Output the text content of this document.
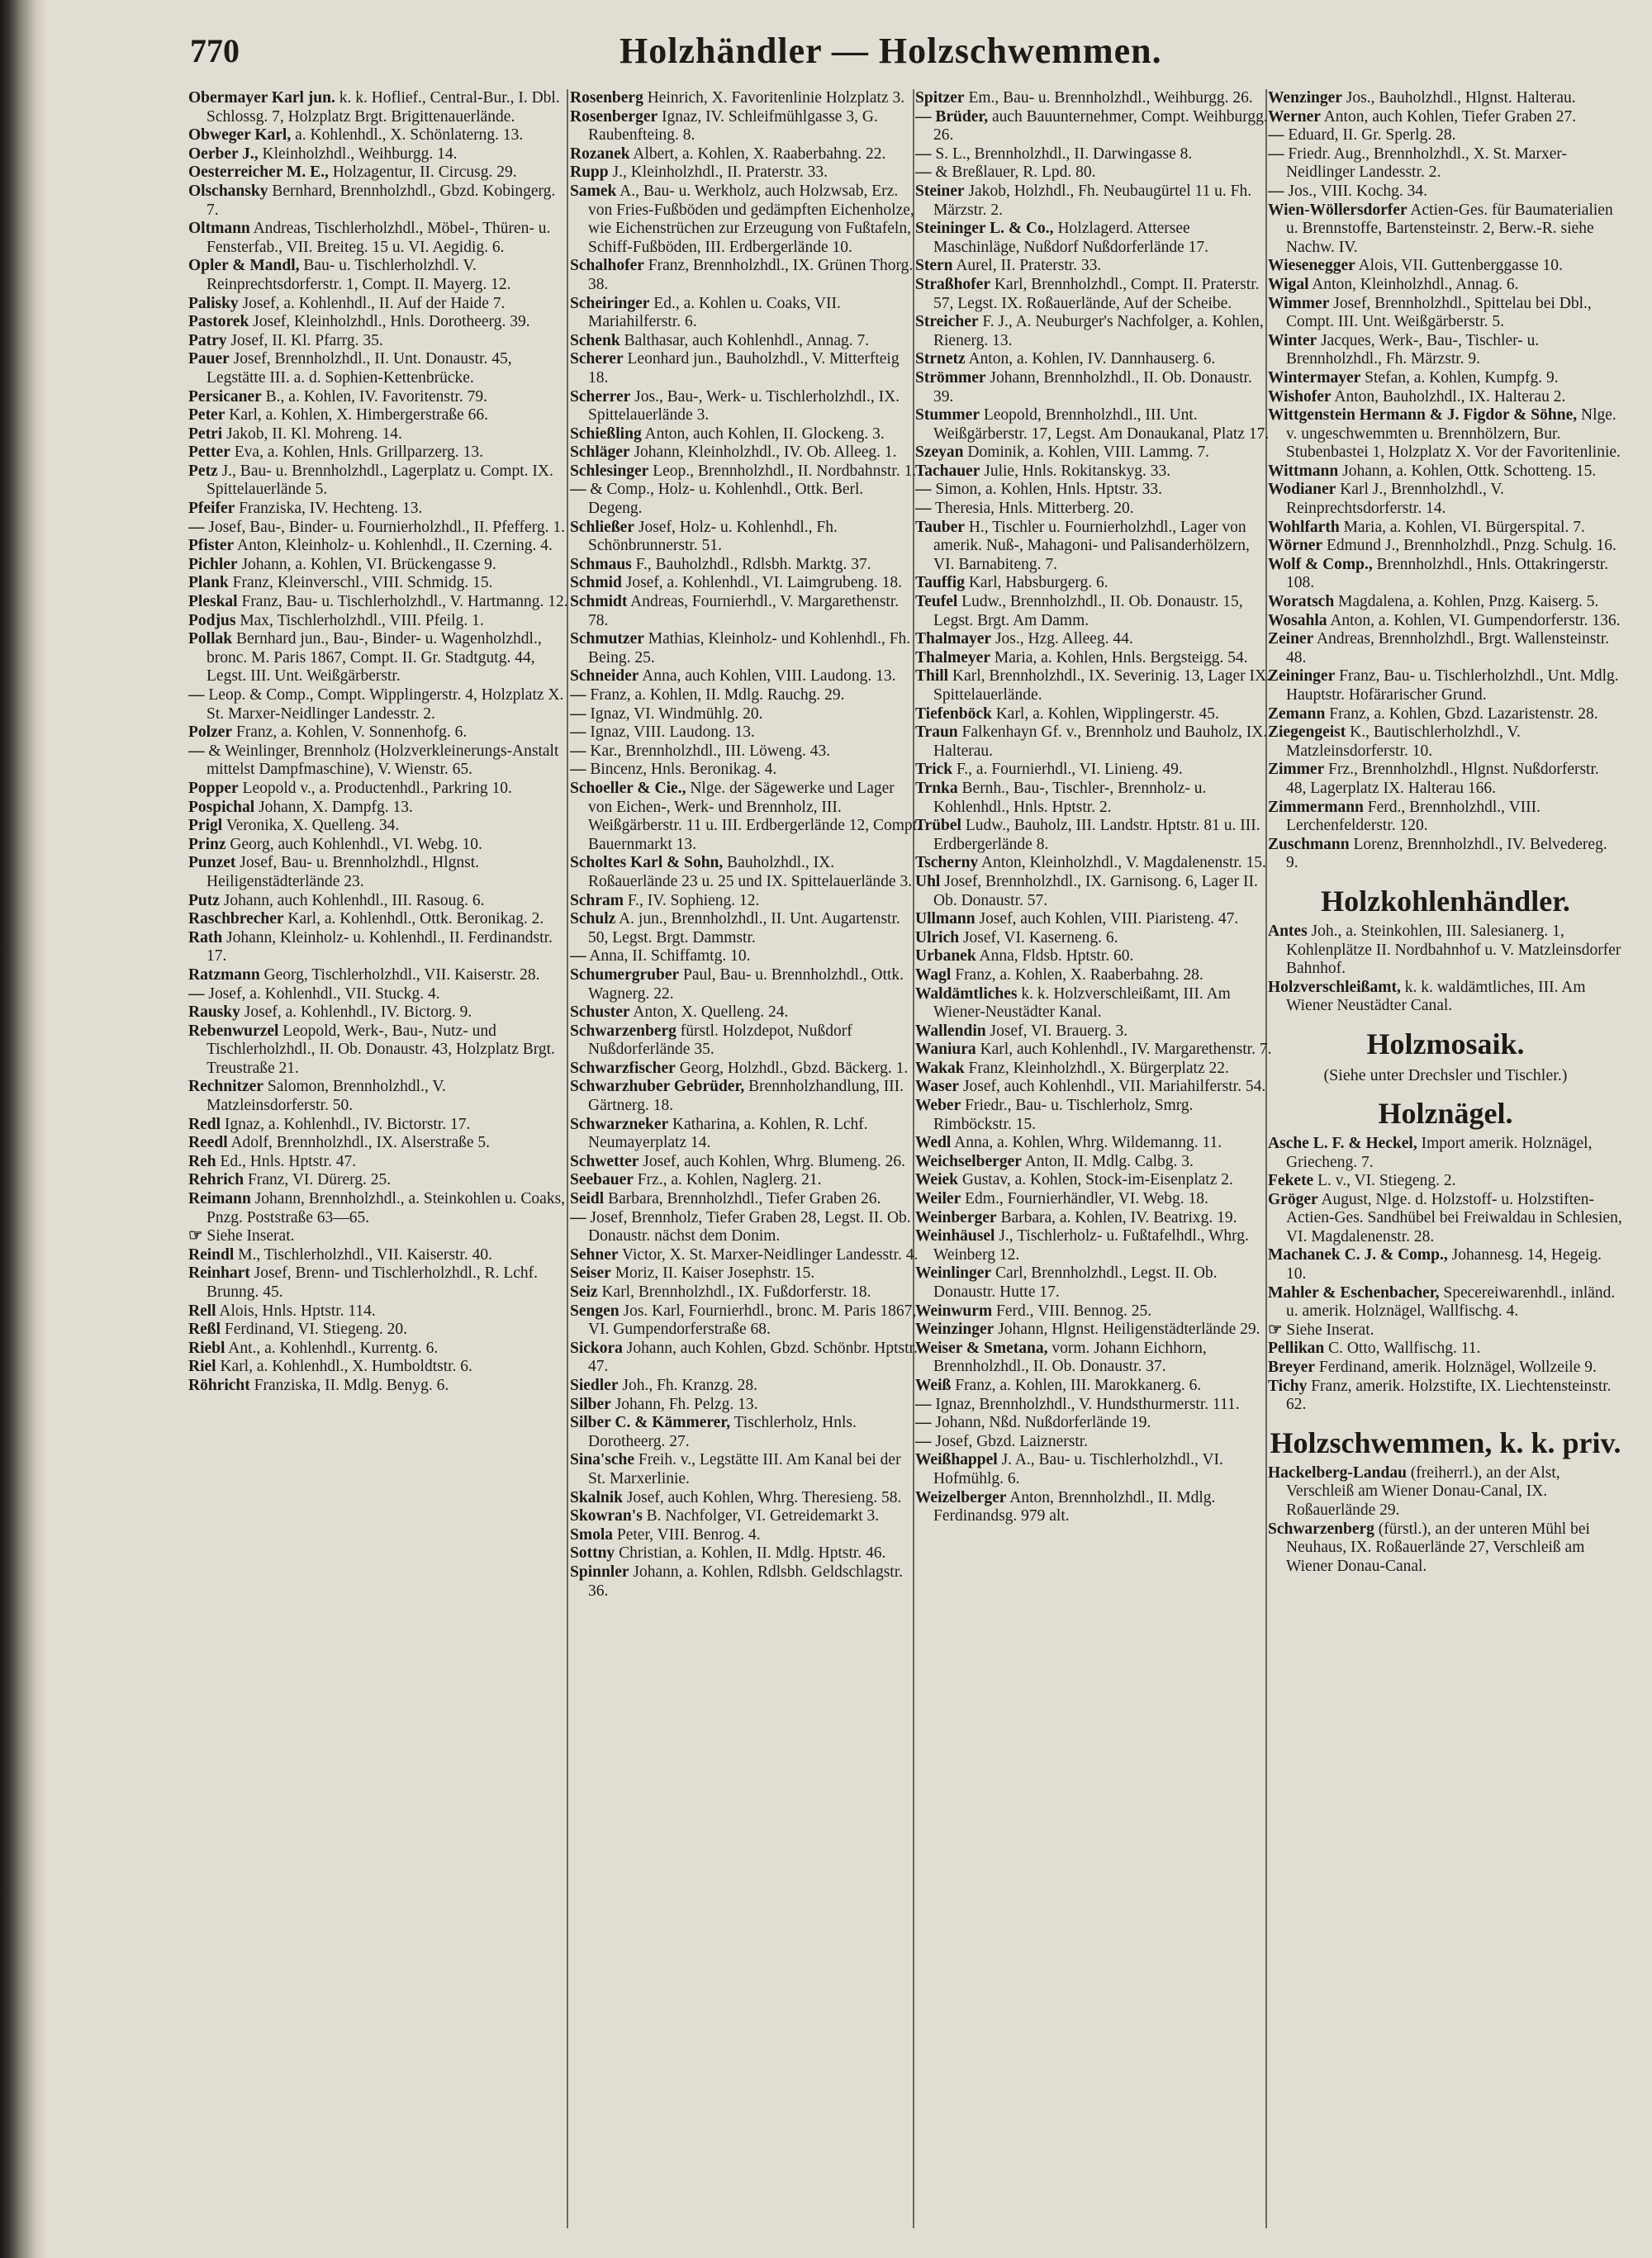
770	Holzhändler — Holzschwemmen.
Obermayer Karl jun. k. k. Hoflief., Central-Bur., I. Dbl. Schlossg. 7, Holzplatz Brgt. Brigittenauerlände.
Obweger Karl, a. Kohlenhdl., X. Schönlaterng. 13.
Oerber J., Kleinholzhdl., Weihburgg. 14.
Oesterreicher M. E., Holzagentur, II. Circusg. 29.
Olschansky Bernhard, Brennholzhdl., Gbzd. Kobingerg. 7.
Oltmann Andreas, Tischlerholzhdl., Möbel-, Thüren- u. Fensterfab., VII. Breiteg. 15 u. VI. Aegidig. 6.
Opler & Mandl, Bau- u. Tischlerholzhdl. V. Reinprechtsdorferstr. 1, Compt. II. Mayerg. 12.
Palisky Josef, a. Kohlenhdl., II. Auf der Haide 7.
Pastorek Josef, Kleinholzhdl., Hnls. Dorotheerg. 39.
Patry Josef, II. Kl. Pfarrg. 35.
Pauer Josef, Brennholzhdl., II. Unt. Donaustr. 45, Legstätte III. a. d. Sophien-Kettenbrücke.
Persicaner B., a. Kohlen, IV. Favoritenstr. 79.
Peter Karl, a. Kohlen, X. Himbergerstraße 66.
Petri Jakob, II. Kl. Mohreng. 14.
Petter Eva, a. Kohlen, Hnls. Grillparzerg. 13.
Petz J., Bau- u. Brennholzhdl., Lagerplatz u. Compt. IX. Spittelauerlände 5.
Pfeifer Franziska, IV. Hechteng. 13.
— Josef, Bau-, Binder- u. Fournierholzhdl., II. Pfefferg. 1.
Pfister Anton, Kleinholz- u. Kohlenhdl., II. Czerning. 4.
Pichler Johann, a. Kohlen, VI. Brückengasse 9.
Plank Franz, Kleinverschl., VIII. Schmidg. 15.
Pleskal Franz, Bau- u. Tischlerholzhdl., V. Hartmanng. 12.
Podjus Max, Tischlerholzhdl., VIII. Pfeilg. 1.
Pollak Bernhard jun., Bau-, Binder- u. Wagenholzhdl., bronc. M. Paris 1867, Compt. II. Gr. Stadtgutg. 44, Legst. III. Unt. Weißgärberstr.
— Leop. & Comp., Compt. Wipplingerstr. 4, Holzplatz X. St. Marxer-Neidlinger Landesstr. 2.
Polzer Franz, a. Kohlen, V. Sonnenhofg. 6.
— & Weinlinger, Brennholz (Holzverkleinerungs-Anstalt mittelst Dampfmaschine), V. Wienstr. 65.
Popper Leopold v., a. Productenhdl., Parkring 10.
Pospichal Johann, X. Dampfg. 13.
Prigl Veronika, X. Quelleng. 34.
Prinz Georg, auch Kohlenhdl., VI. Webg. 10.
Punzet Josef, Bau- u. Brennholzhdl., Hlgnst. Heiligenstädterlände 23.
Putz Johann, auch Kohlenhdl., III. Rasoug. 6.
Raschbrecher Karl, a. Kohlenhdl., Ottk. Beronikag. 2.
Rath Johann, Kleinholz- u. Kohlenhdl., II. Ferdinandstr. 17.
Ratzmann Georg, Tischlerholzhdl., VII. Kaiserstr. 28.
— Josef, a. Kohlenhdl., VII. Stuckg. 4.
Rausky Josef, a. Kohlenhdl., IV. Bictorg. 9.
Rebenwurzel Leopold, Werk-, Bau-, Nutz- und Tischlerholzhdl., II. Ob. Donaustr. 43, Holzplatz Brgt. Treustraße 21.
Rechnitzer Salomon, Brennholzhdl., V. Matzleinsdorferstr. 50.
Redl Ignaz, a. Kohlenhdl., IV. Bictorstr. 17.
Reedl Adolf, Brennholzhdl., IX. Alserstraße 5.
Reh Ed., Hnls. Hptstr. 47.
Rehrich Franz, VI. Dürerg. 25.
Reimann Johann, Brennholzhdl., a. Steinkohlen u. Coaks, Pnzg. Poststraße 63—65.
☞ Siehe Inserat.
Reindl M., Tischlerholzhdl., VII. Kaiserstr. 40.
Reinhart Josef, Brenn- und Tischlerholzhdl., R. Lchf. Brunng. 45.
Rell Alois, Hnls. Hptstr. 114.
Reßl Ferdinand, VI. Stiegeng. 20.
Riebl Ant., a. Kohlenhdl., Kurrentg. 6.
Riel Karl, a. Kohlenhdl., X. Humboldtstr. 6.
Röhricht Franziska, II. Mdlg. Benyg. 6.
Rosenberg Heinrich, X. Favoritenlinie Holzplatz 3.
Rosenberger Ignaz, IV. Schleifmühlgasse 3, G. Raubenfteing. 8.
Rozanek Albert, a. Kohlen, X. Raaberbahng. 22.
Rupp J., Kleinholzhdl., II. Praterstr. 33.
Samek A., Bau- u. Werkholz, auch Holzwsab, Erz. von Fries-Fußböden und gedämpften Eichenholze, wie Eichenstrüchen zur Erzeugung von Fußtafeln, Schiff-Fußböden, III. Erdbergerlände 10.
Schalhofer Franz, Brennholzhdl., IX. Grünen Thorg. 38.
Scheiringer Ed., a. Kohlen u. Coaks, VII. Mariahilferstr. 6.
Schenk Balthasar, auch Kohlenhdl., Annag. 7.
Scherer Leonhard jun., Bauholzhdl., V. Mitterfteig 18.
Scherrer Jos., Bau-, Werk- u. Tischlerholzhdl., IX. Spittelauerlände 3.
Schießling Anton, auch Kohlen, II. Glockeng. 3.
Schläger Johann, Kleinholzhdl., IV. Ob. Alleeg. 1.
Schlesinger Leop., Brennholzhdl., II. Nordbahnstr. 1.
— & Comp., Holz- u. Kohlenhdl., Ottk. Berl. Degeng.
Schließer Josef, Holz- u. Kohlenhdl., Fh. Schönbrunnerstr. 51.
Schmaus F., Bauholzhdl., Rdlsbh. Marktg. 37.
Schmid Josef, a. Kohlenhdl., VI. Laimgrubeng. 18.
Schmidt Andreas, Fournierhdl., V. Margarethenstr. 78.
Schmutzer Mathias, Kleinholz- und Kohlenhdl., Fh. Being. 25.
Schneider Anna, auch Kohlen, VIII. Laudong. 13.
— Franz, a. Kohlen, II. Mdlg. Rauchg. 29.
— Ignaz, VI. Windmühlg. 20.
— Ignaz, VIII. Laudong. 13.
— Kar., Brennholzhdl., III. Löweng. 43.
— Bincenz, Hnls. Beronikag. 4.
Schoeller & Cie., Nlge. der Sägewerke und Lager von Eichen-, Werk- und Brennholz, III. Weißgärberstr. 11 u. III. Erdbergerlände 12, Compt. Bauernmarkt 13.
Scholtes Karl & Sohn, Bauholzhdl., IX. Roßauerlände 23 u. 25 und IX. Spittelauerlände 3.
Schram F., IV. Sophieng. 12.
Schulz A. jun., Brennholzhdl., II. Unt. Augartenstr. 50, Legst. Brgt. Dammstr.
— Anna, II. Schiffamtg. 10.
Schumergruber Paul, Bau- u. Brennholzhdl., Ottk. Wagnerg. 22.
Schuster Anton, X. Quelleng. 24.
Schwarzenberg fürstl. Holzdepot, Nußdorf Nußdorferlände 35.
Schwarzfischer Georg, Holzhdl., Gbzd. Bäckerg. 1.
Schwarzhuber Gebrüder, Brennholzhandlung, III. Gärtnerg. 18.
Schwarzneker Katharina, a. Kohlen, R. Lchf. Neumayerplatz 14.
Schwetter Josef, auch Kohlen, Whrg. Blumeng. 26.
Seebauer Frz., a. Kohlen, Naglerg. 21.
Seidl Barbara, Brennholzhdl., Tiefer Graben 26.
— Josef, Brennholz, Tiefer Graben 28, Legst. II. Ob. Donaustr. nächst dem Donim.
Sehner Victor, X. St. Marxer-Neidlinger Landesstr. 4.
Seiser Moriz, II. Kaiser Josephstr. 15.
Seiz Karl, Brennholzhdl., IX. Fußdorferstr. 18.
Sengen Jos. Karl, Fournierhdl., bronc. M. Paris 1867, VI. Gumpendorferstraße 68.
Sickora Johann, auch Kohlen, Gbzd. Schönbr. Hptstr. 47.
Siedler Joh., Fh. Kranzg. 28.
Silber Johann, Fh. Pelzg. 13.
Silber C. & Kämmerer, Tischlerholz, Hnls. Dorotheerg. 27.
Sina'sche Freih. v., Legstätte III. Am Kanal bei der St. Marxerlinie.
Skalnik Josef, auch Kohlen, Whrg. Theresieng. 58.
Skowran's B. Nachfolger, VI. Getreidemarkt 3.
Smola Peter, VIII. Benrog. 4.
Sottny Christian, a. Kohlen, II. Mdlg. Hptstr. 46.
Spinnler Johann, a. Kohlen, Rdlsbh. Geldschlagstr. 36.
Spitzer Em., Bau- u. Brennholzhdl., Weihburgg. 26.
— Brüder, auch Bauunternehmer, Compt. Weihburgg. 26.
— S. L., Brennholzhdl., II. Darwingasse 8.
— & Breßlauer, R. Lpd. 80.
Steiner Jakob, Holzhdl., Fh. Neubaugürtel 11 u. Fh. Märzstr. 2.
Steininger L. & Co., Holzlagerd. Attersee Maschinläge, Nußdorf Nußdorferlände 17.
Stern Aurel, II. Praterstr. 33.
Straßhofer Karl, Brennholzhdl., Compt. II. Praterstr. 57, Legst. IX. Roßauerlände, Auf der Scheibe.
Streicher F. J., A. Neuburger's Nachfolger, a. Kohlen, Rienerg. 13.
Strnetz Anton, a. Kohlen, IV. Dannhauserg. 6.
Strömmer Johann, Brennholzhdl., II. Ob. Donaustr. 39.
Stummer Leopold, Brennholzhdl., III. Unt. Weißgärberstr. 17, Legst. Am Donaukanal, Platz 17.
Szeyan Dominik, a. Kohlen, VIII. Lammg. 7.
Tachauer Julie, Hnls. Rokitanskyg. 33.
— Simon, a. Kohlen, Hnls. Hptstr. 33.
— Theresia, Hnls. Mitterberg. 20.
Tauber H., Tischler u. Fournierholzhdl., Lager von amerik. Nuß-, Mahagoni- und Palisanderhölzern, VI. Barnabiteng. 7.
Tauffig Karl, Habsburgerg. 6.
Teufel Ludw., Brennholzhdl., II. Ob. Donaustr. 15, Legst. Brgt. Am Damm.
Thalmayer Jos., Hzg. Alleeg. 44.
Thalmeyer Maria, a. Kohlen, Hnls. Bergsteigg. 54.
Thill Karl, Brennholzhdl., IX. Severinig. 13, Lager IX. Spittelauerlände.
Tiefenböck Karl, a. Kohlen, Wipplingerstr. 45.
Traun Falkenhayn Gf. v., Brennholz und Bauholz, IX. Halterau.
Trick F., a. Fournierhdl., VI. Linieng. 49.
Trnka Bernh., Bau-, Tischler-, Brennholz- u. Kohlenhdl., Hnls. Hptstr. 2.
Trübel Ludw., Bauholz, III. Landstr. Hptstr. 81 u. III. Erdbergerlände 8.
Tscherny Anton, Kleinholzhdl., V. Magdalenenstr. 15.
Uhl Josef, Brennholzhdl., IX. Garnisong. 6, Lager II. Ob. Donaustr. 57.
Ullmann Josef, auch Kohlen, VIII. Piaristeng. 47.
Ulrich Josef, VI. Kaserneng. 6.
Urbanek Anna, Fldsb. Hptstr. 60.
Wagl Franz, a. Kohlen, X. Raaberbahng. 28.
Waldämtliches k. k. Holzverschleißamt, III. Am Wiener-Neustädter Kanal.
Wallendin Josef, VI. Brauerg. 3.
Waniura Karl, auch Kohlenhdl., IV. Margarethenstr. 7.
Wakak Franz, Kleinholzhdl., X. Bürgerplatz 22.
Waser Josef, auch Kohlenhdl., VII. Mariahilferstr. 54.
Weber Friedr., Bau- u. Tischlerholz, Smrg. Rimböckstr. 15.
Wedl Anna, a. Kohlen, Whrg. Wildemanng. 11.
Weichselberger Anton, II. Mdlg. Calbg. 3.
Weiek Gustav, a. Kohlen, Stock-im-Eisenplatz 2.
Weiler Edm., Fournierhändler, VI. Webg. 18.
Weinberger Barbara, a. Kohlen, IV. Beatrixg. 19.
Weinhäusel J., Tischlerholz- u. Fußtafelhdl., Whrg. Weinberg 12.
Weinlinger Carl, Brennholzhdl., Legst. II. Ob. Donaustr. Hutte 17.
Weinwurm Ferd., VIII. Bennog. 25.
Weinzinger Johann, Hlgnst. Heiligenstädterlände 29.
Weiser & Smetana, vorm. Johann Eichhorn, Brennholzhdl., II. Ob. Donaustr. 37.
Weiß Franz, a. Kohlen, III. Marokkanerg. 6.
— Ignaz, Brennholzhdl., V. Hundsthurmerstr. 111.
— Johann, Nßd. Nußdorferlände 19.
— Josef, Gbzd. Laiznerstr.
Weißhappel J. A., Bau- u. Tischlerholzhdl., VI. Hofmühlg. 6.
Weizelberger Anton, Brennholzhdl., II. Mdlg. Ferdinandsg. 979 alt.
Wenzinger Jos., Bauholzhdl., Hlgnst. Halterau.
Werner Anton, auch Kohlen, Tiefer Graben 27.
— Eduard, II. Gr. Sperlg. 28.
— Friedr. Aug., Brennholzhdl., X. St. Marxer-Neidlinger Landesstr. 2.
— Jos., VIII. Kochg. 34.
Wien-Wöllersdorfer Actien-Ges. für Baumaterialien u. Brennstoffe, Bartensteinstr. 2, Berw.-R. siehe Nachw. IV.
Wiesenegger Alois, VII. Guttenberggasse 10.
Wigal Anton, Kleinholzhdl., Annag. 6.
Wimmer Josef, Brennholzhdl., Spittelau bei Dbl., Compt. III. Unt. Weißgärberstr. 5.
Winter Jacques, Werk-, Bau-, Tischler- u. Brennholzhdl., Fh. Märzstr. 9.
Wintermayer Stefan, a. Kohlen, Kumpfg. 9.
Wishofer Anton, Bauholzhdl., IX. Halterau 2.
Wittgenstein Hermann & J. Figdor & Söhne, Nlge. v. ungeschwemmten u. Brennhölzern, Bur. Stubenbastei 1, Holzplatz X. Vor der Favoritenlinie.
Wittmann Johann, a. Kohlen, Ottk. Schotteng. 15.
Wodianer Karl J., Brennholzhdl., V. Reinprechtsdorferstr. 14.
Wohlfarth Maria, a. Kohlen, VI. Bürgerspital. 7.
Wörner Edmund J., Brennholzhdl., Pnzg. Schulg. 16.
Wolf & Comp., Brennholzhdl., Hnls. Ottakringerstr. 108.
Woratsch Magdalena, a. Kohlen, Pnzg. Kaiserg. 5.
Wosahla Anton, a. Kohlen, VI. Gumpendorferstr. 136.
Zeiner Andreas, Brennholzhdl., Brgt. Wallensteinstr. 48.
Zeininger Franz, Bau- u. Tischlerholzhdl., Unt. Mdlg. Hauptstr. Hofärarischer Grund.
Zemann Franz, a. Kohlen, Gbzd. Lazaristenstr. 28.
Ziegengeist K., Bautischlerholzhdl., V. Matzleinsdorferstr. 10.
Zimmer Frz., Brennholzhdl., Hlgnst. Nußdorferstr. 48, Lagerplatz IX. Halterau 166.
Zimmermann Ferd., Brennholzhdl., VIII. Lerchenfelderstr. 120.
Zuschmann Lorenz, Brennholzhdl., IV. Belvedereg. 9.
Holzkohlenhändler.
Antes Joh., a. Steinkohlen, III. Salesianerg. 1, Kohlenplätze II. Nordbahnhof u. V. Matzleinsdorfer Bahnhof.
Holzverschleißamt, k. k. waldämtliches, III. Am Wiener Neustädter Canal.
Holzmosaik.
(Siehe unter Drechsler und Tischler.)
Holznägel.
Asche L. F. & Heckel, Import amerik. Holznägel, Griecheng. 7.
Fekete L. v., VI. Stiegeng. 2.
Gröger August, Nlge. d. Holzstoff- u. Holzstiften-Actien-Ges. Sandhübel bei Freiwaldau in Schlesien, VI. Magdalenenstr. 28.
Machanek C. J. & Comp., Johannesg. 14, Hegeig. 10.
Mahler & Eschenbacher, Specereiwarenhdl., inländ. u. amerik. Holznägel, Wallfischg. 4.
☞ Siehe Inserat.
Pellikan C. Otto, Wallfischg. 11.
Breyer Ferdinand, amerik. Holznägel, Wollzeile 9.
Tichy Franz, amerik. Holzstifte, IX. Liechtensteinstr. 62.
Holzschwemmen, k. k. priv.
Hackelberg-Landau (freiherrl.), an der Alst, Verschleiß am Wiener Donau-Canal, IX. Roßauerlände 29.
Schwarzenberg (fürstl.), an der unteren Mühl bei Neuhaus, IX. Roßauerlände 27, Verschleiß am Wiener Donau-Canal.
